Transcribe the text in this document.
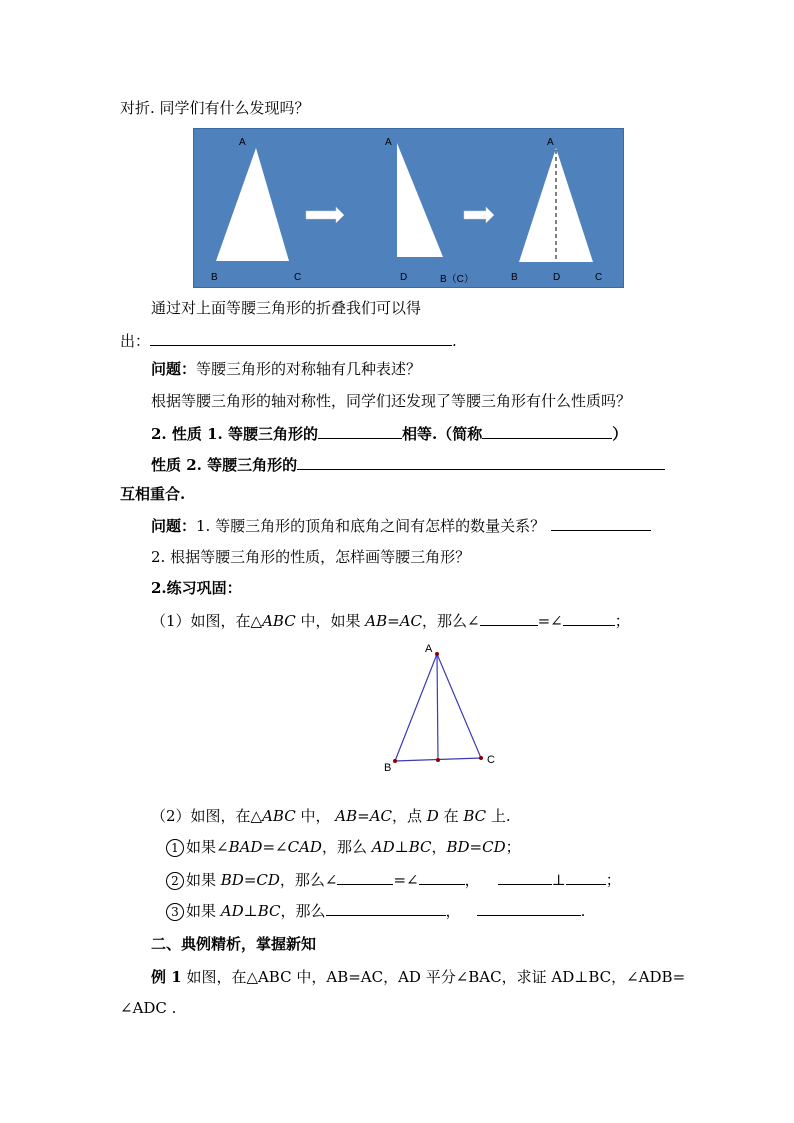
对折. 同学们有什么发现吗？
A
B	C
A
D	B（C）
A
B	D	C
通过对上面等腰三角形的折叠我们可以得
出：	.
问题：等腰三角形的对称轴有几种表述？
根据等腰三角形的轴对称性，同学们还发现了等腰三角形有什么性质吗？
2. 性质 1. 等腰三角形的	相等.（简称	）
性质 2. 等腰三角形的
互相重合.
问题：1. 等腰三角形的顶角和底角之间有怎样的数量关系？
2. 根据等腰三角形的性质，怎样画等腰三角形？
2.练习巩固：
（1）如图，在△ABC 中，如果 AB=AC，那么∠	=∠	；
A
B
C
（2）如图，在△ABC 中， AB=AC，点 D 在 BC 上.
1 如果∠BAD=∠CAD，那么 AD⊥BC，BD=CD；
2 如果 BD=CD，那么∠	=∠	，	⊥	；
3 如果 AD⊥BC，那么	，	.
二、典例精析，掌握新知
例 1 如图，在△ABC 中，AB=AC，AD 平分∠BAC，求证 AD⊥BC，∠ADB=
∠ADC .
